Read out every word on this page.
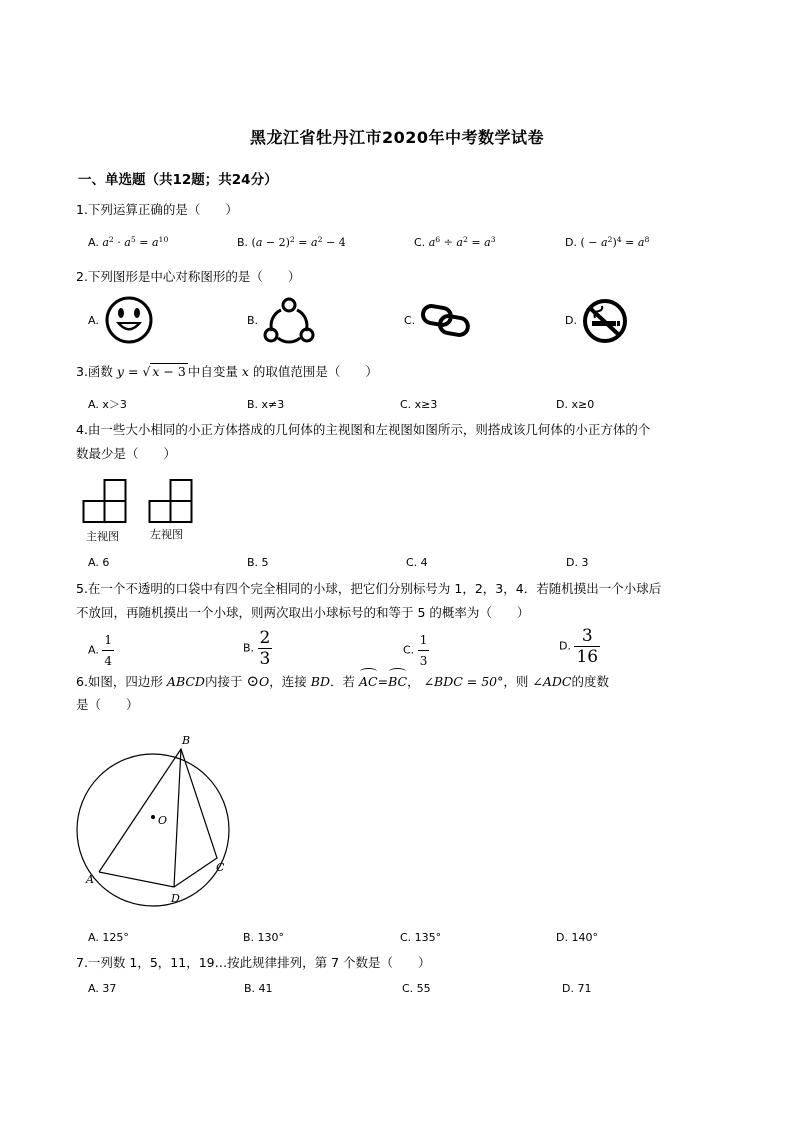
黑龙江省牡丹江市2020年中考数学试卷
一、单选题（共12题；共24分）
1.下列运算正确的是（　　）
A. $a^2 \cdot a^5 = a^{10}$	B. $(a - 2)^2 = a^2 - 4$	C. $a^6 \div a^2 = a^3$	D. ( − $a^2)^4 = a^8$
2.下列图形是中心对称图形的是（　　）
A.	B.	C.	D.
3.函数 y = √ x − 3 中自变量 x 的取值范围是（　　）
A. x＞3	B. x≠3	C. x≥3	D. x≥0
4.由一些大小相同的小正方体搭成的几何体的主视图和左视图如图所示，则搭成该几何体的小正方体的个
数最少是（　　）
主视图	左视图
A. 6	B. 5	C. 4	D. 3
5.在一个不透明的口袋中有四个完全相同的小球，把它们分别标号为 1，2，3，4．若随机摸出一个小球后
不放回，再随机摸出一个小球，则两次取出小球标号的和等于 5 的概率为（　　）
A. $\frac{1}{4}$	B. $\frac{2}{3}$	C. $\frac{1}{3}$	D. $\frac{3}{16}$
6.如图，四边形 ABCD内接于 ⊙O，连接 BD．若 AC=BC， ∠BDC = 50°，则 ∠ADC的度数
是（　　）
B
O
C
A
D
A. 125°	B. 130°	C. 135°	D. 140°
7.一列数 1，5，11，19…按此规律排列，第 7 个数是（　　）
A. 37	B. 41	C. 55	D. 71
